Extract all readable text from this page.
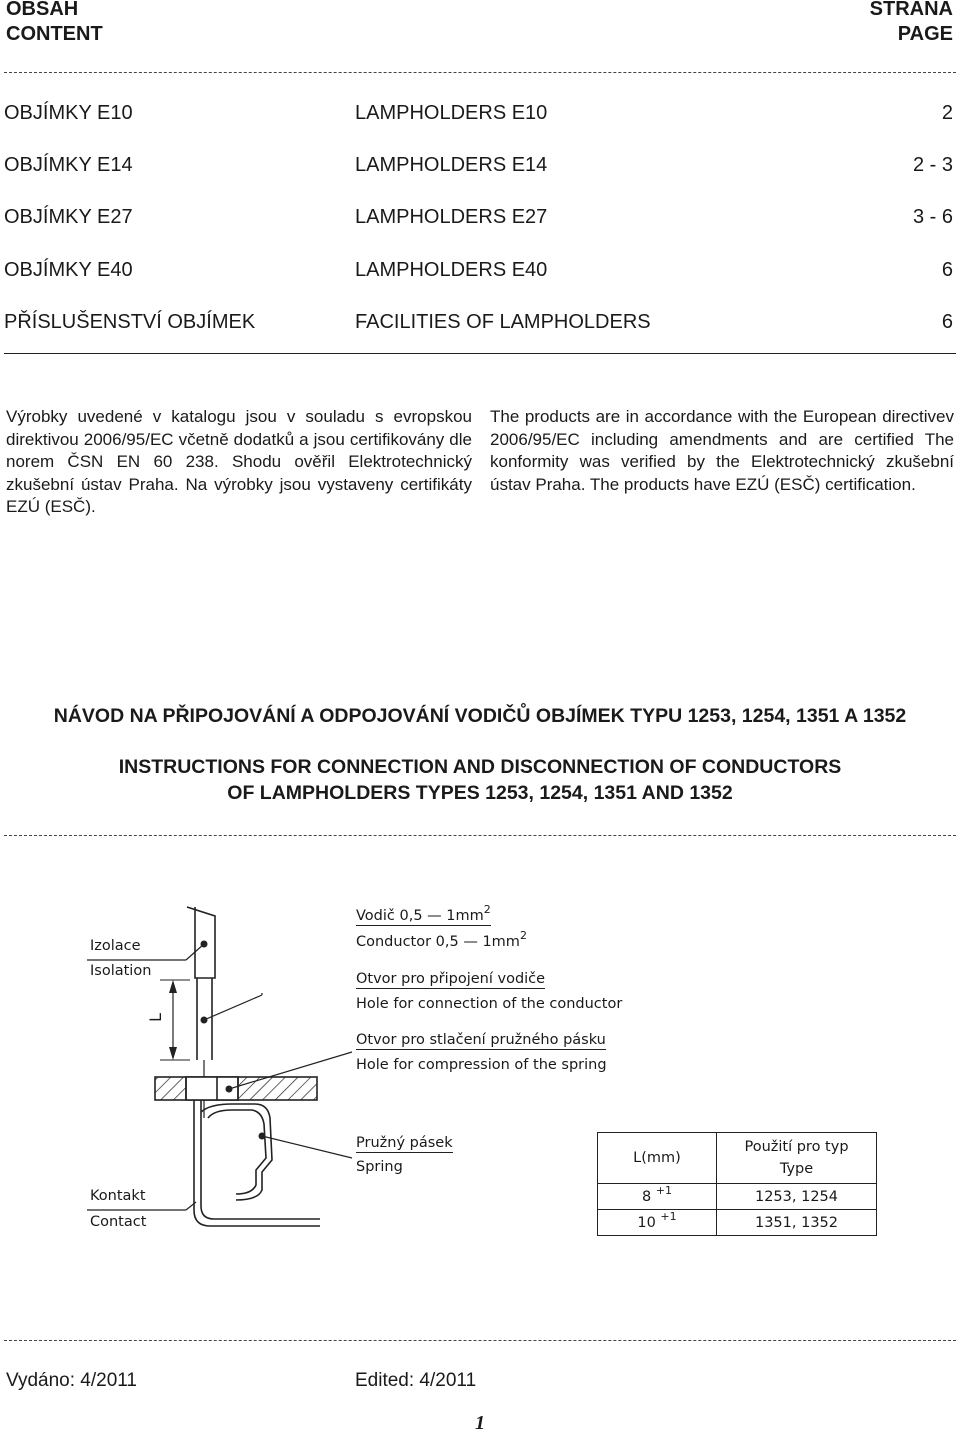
OBSAH
CONTENT
STRANA
PAGE
OBJÍMKY E10	LAMPHOLDERS E10	2
OBJÍMKY E14	LAMPHOLDERS E14	2 - 3
OBJÍMKY E27	LAMPHOLDERS E27	3 - 6
OBJÍMKY E40	LAMPHOLDERS E40	6
PŘÍSLUŠENSTVÍ OBJÍMEK	FACILITIES OF LAMPHOLDERS	6
Výrobky uvedené v katalogu jsou v souladu s evropskou direktivou 2006/95/EC včetně dodatků a jsou certifikovány dle norem ČSN EN 60 238. Shodu ověřil Elektrotechnický zkušební ústav Praha. Na výrobky jsou vystaveny certifikáty EZÚ (ESČ).
The products are in accordance with the European directivev 2006/95/EC including amendments and are certified The konformity was verified by the Elektrotechnický zkušební ústav Praha. The products have EZÚ (ESČ) certification.
NÁVOD NA PŘIPOJOVÁNÍ A ODPOJOVÁNÍ VODIČŮ OBJÍMEK TYPU 1253, 1254, 1351 A 1352
INSTRUCTIONS FOR CONNECTION AND DISCONNECTION OF CONDUCTORS
OF LAMPHOLDERS TYPES 1253, 1254, 1351 AND 1352
Izolace
Isolation
L
Kontakt
Contact
Vodič 0,5 — $1mm^2$
Conductor 0,5 — $1mm^2$
Otvor pro připojení vodiče
Hole for connection of the conductor
Otvor pro stlačení pružného pásku
Hole for compression of the spring
Pružný pásek
Spring
L(mm)	Použití pro typ
Type

8 $^{+1}$	1253, 1254
10 $^{+1}$	1351, 1352
Vydáno: 4/2011	Edited: 4/2011
1
